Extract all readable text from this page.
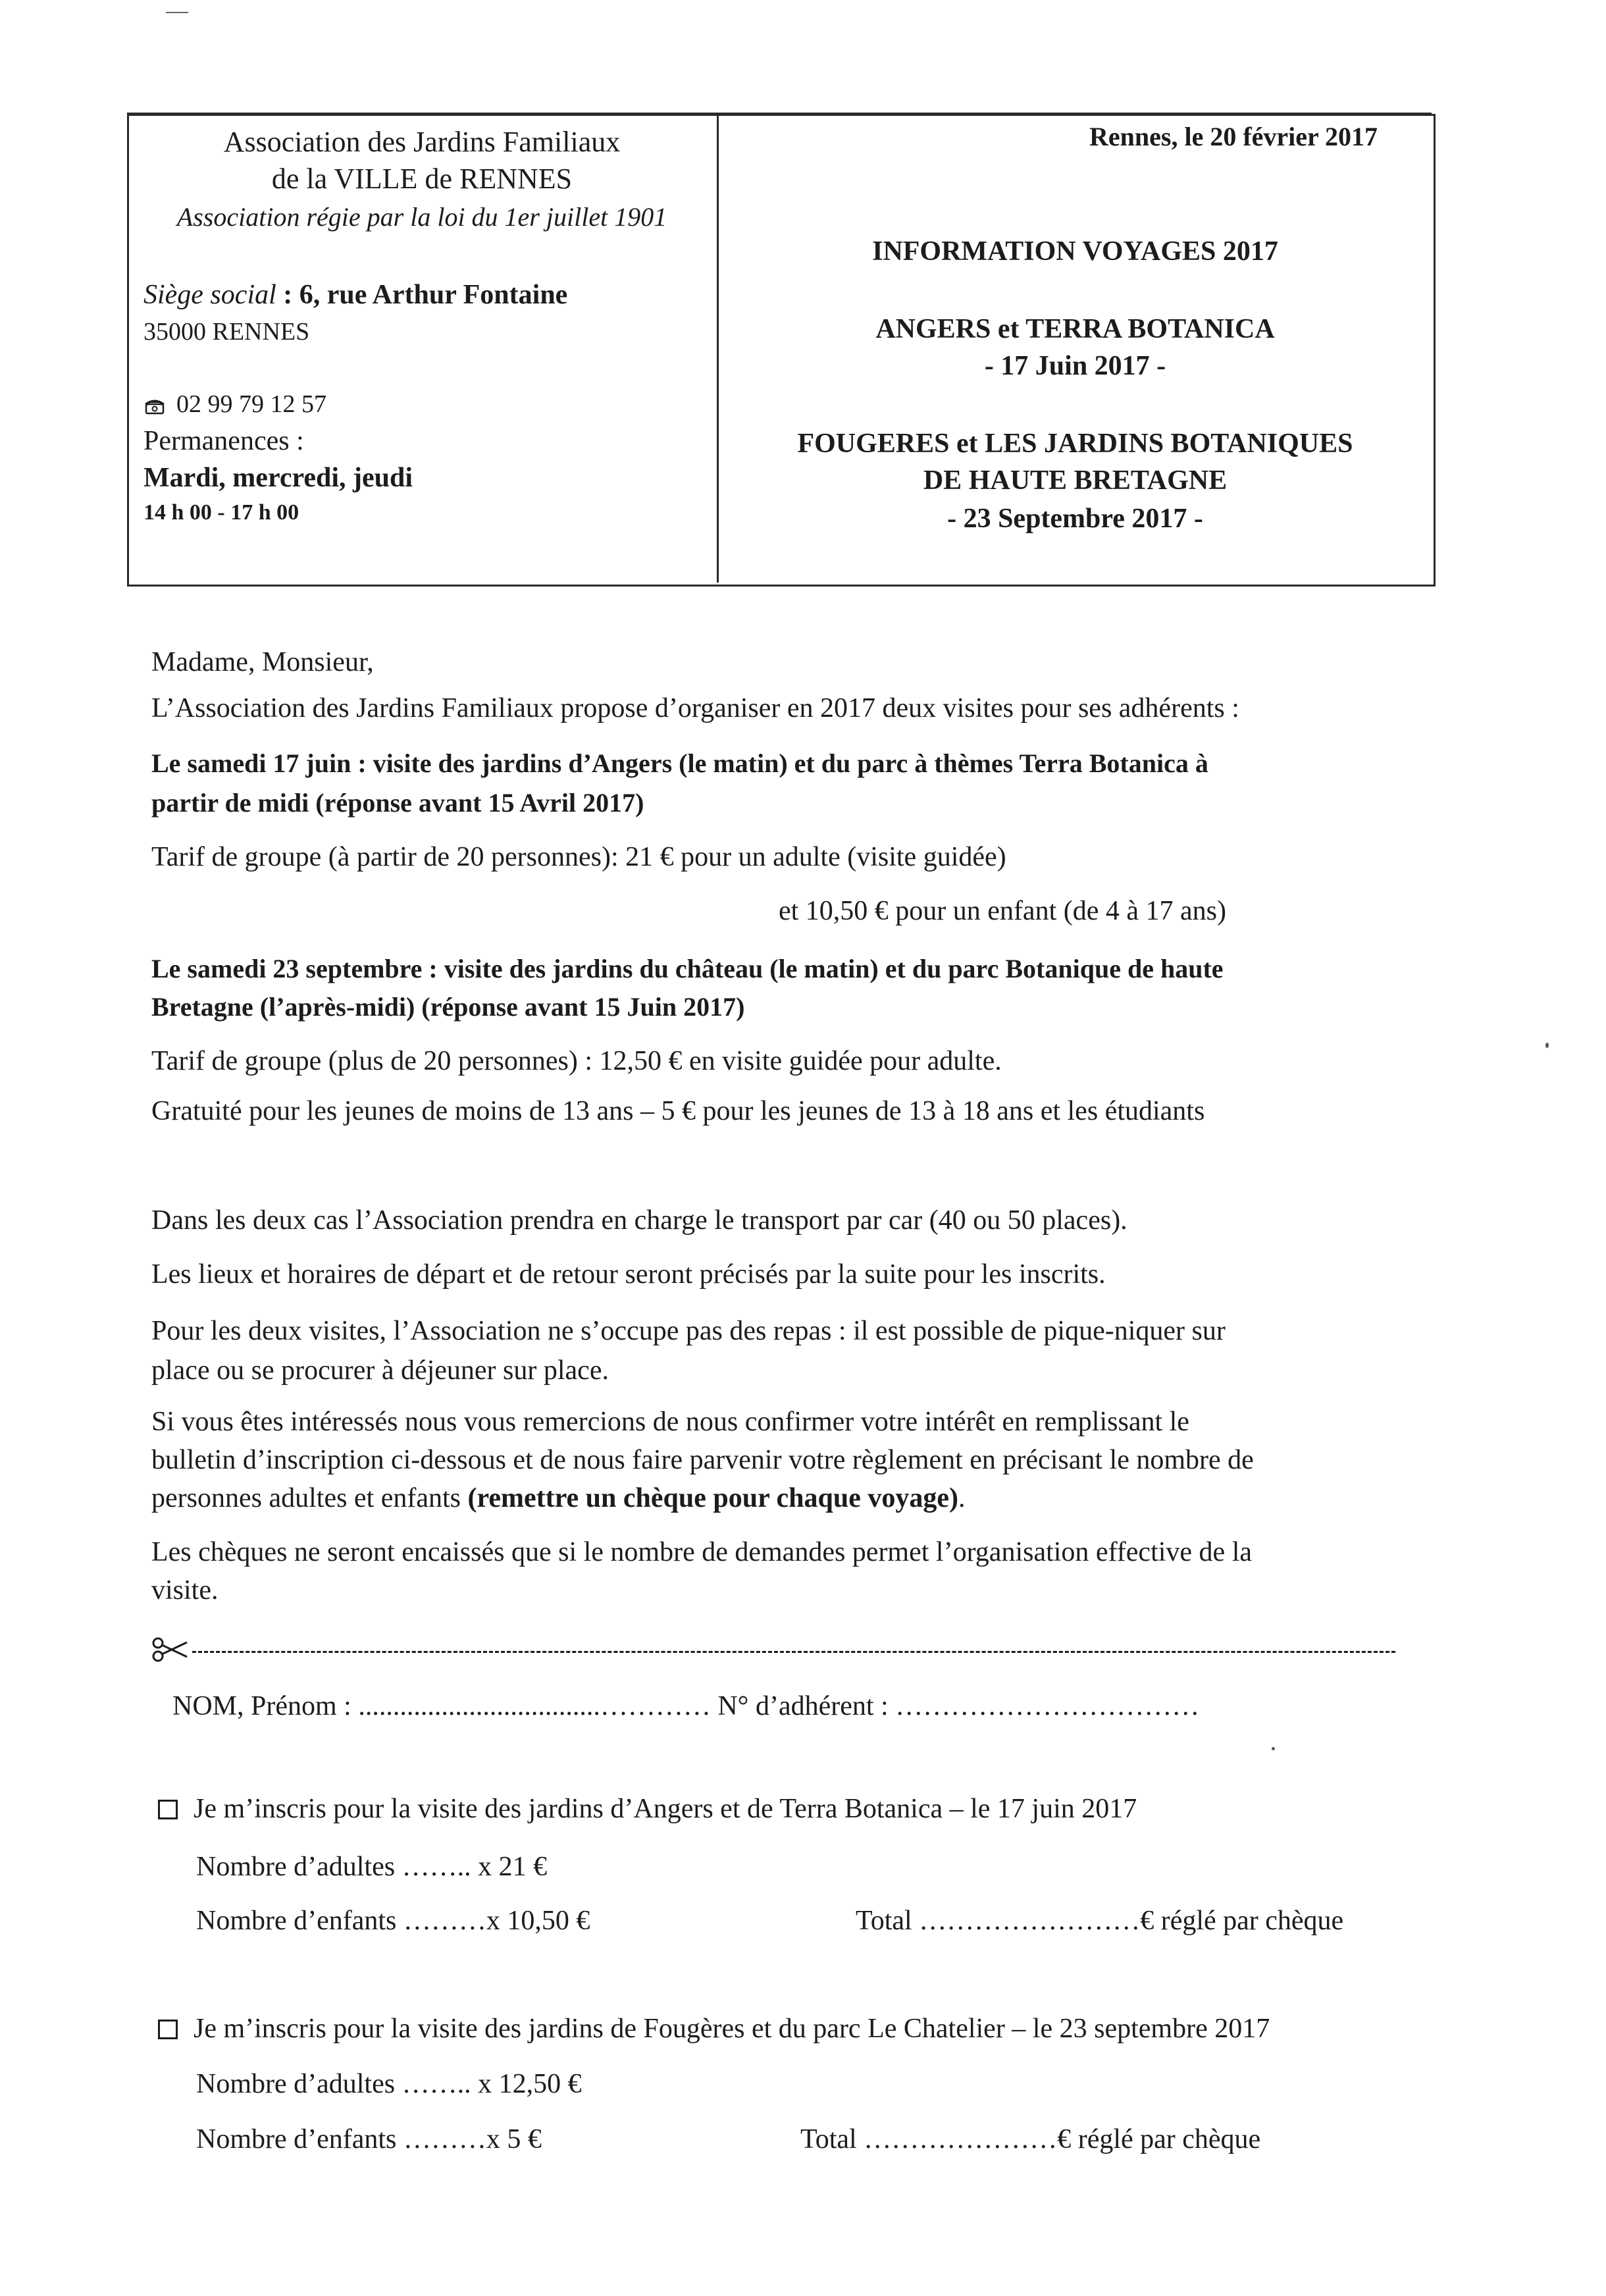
Association des Jardins Familiaux
de la VILLE de RENNES
Association régie par la loi du 1er juillet 1901
Siège social : 6, rue Arthur Fontaine
35000 RENNES
02 99 79 12 57
Permanences :
Mardi, mercredi, jeudi
14 h 00 - 17 h 00
Rennes, le 20 février 2017
INFORMATION VOYAGES 2017
ANGERS et TERRA BOTANICA
- 17 Juin 2017 -
FOUGERES et LES JARDINS BOTANIQUES
DE HAUTE BRETAGNE
- 23 Septembre 2017 -
Madame, Monsieur,
L’Association des Jardins Familiaux propose d’organiser en 2017 deux visites pour ses adhérents :
Le samedi 17 juin : visite des jardins d’Angers (le matin) et du parc à thèmes Terra Botanica à
partir de midi (réponse avant 15 Avril 2017)
Tarif de groupe (à partir de 20 personnes): 21 € pour un adulte (visite guidée)
et 10,50 € pour un enfant (de 4 à 17 ans)
Le samedi 23 septembre : visite des jardins du château (le matin) et du parc Botanique de haute
Bretagne (l’après-midi) (réponse avant 15 Juin 2017)
Tarif de groupe (plus de 20 personnes) : 12,50 € en visite guidée pour adulte.
Gratuité pour les jeunes de moins de 13 ans – 5 € pour les jeunes de 13 à 18 ans et les étudiants
Dans les deux cas l’Association prendra en charge le transport par car (40 ou 50 places).
Les lieux et horaires de départ et de retour seront précisés par la suite pour les inscrits.
Pour les deux visites, l’Association ne s’occupe pas des repas : il est possible de pique-niquer sur
place ou se procurer à déjeuner sur place.
Si vous êtes intéressés nous vous remercions de nous confirmer votre intérêt en remplissant le
bulletin d’inscription ci-dessous et de nous faire parvenir votre règlement en précisant le nombre de
personnes adultes et enfants (remettre un chèque pour chaque voyage).
Les chèques ne seront encaissés que si le nombre de demandes permet l’organisation effective de la
visite.
NOM, Prénom : ...................................………… N° d’adhérent : ……………………………
Je m’inscris pour la visite des jardins d’Angers et de Terra Botanica – le 17 juin 2017
Nombre d’adultes …….. x 21 €
Nombre d’enfants ………x 10,50 €	Total ……………………€ réglé par chèque
Je m’inscris pour la visite des jardins de Fougères et du parc Le Chatelier – le 23 septembre 2017
Nombre d’adultes …….. x 12,50 €
Nombre d’enfants ………x 5 €	Total …………………€ réglé par chèque
